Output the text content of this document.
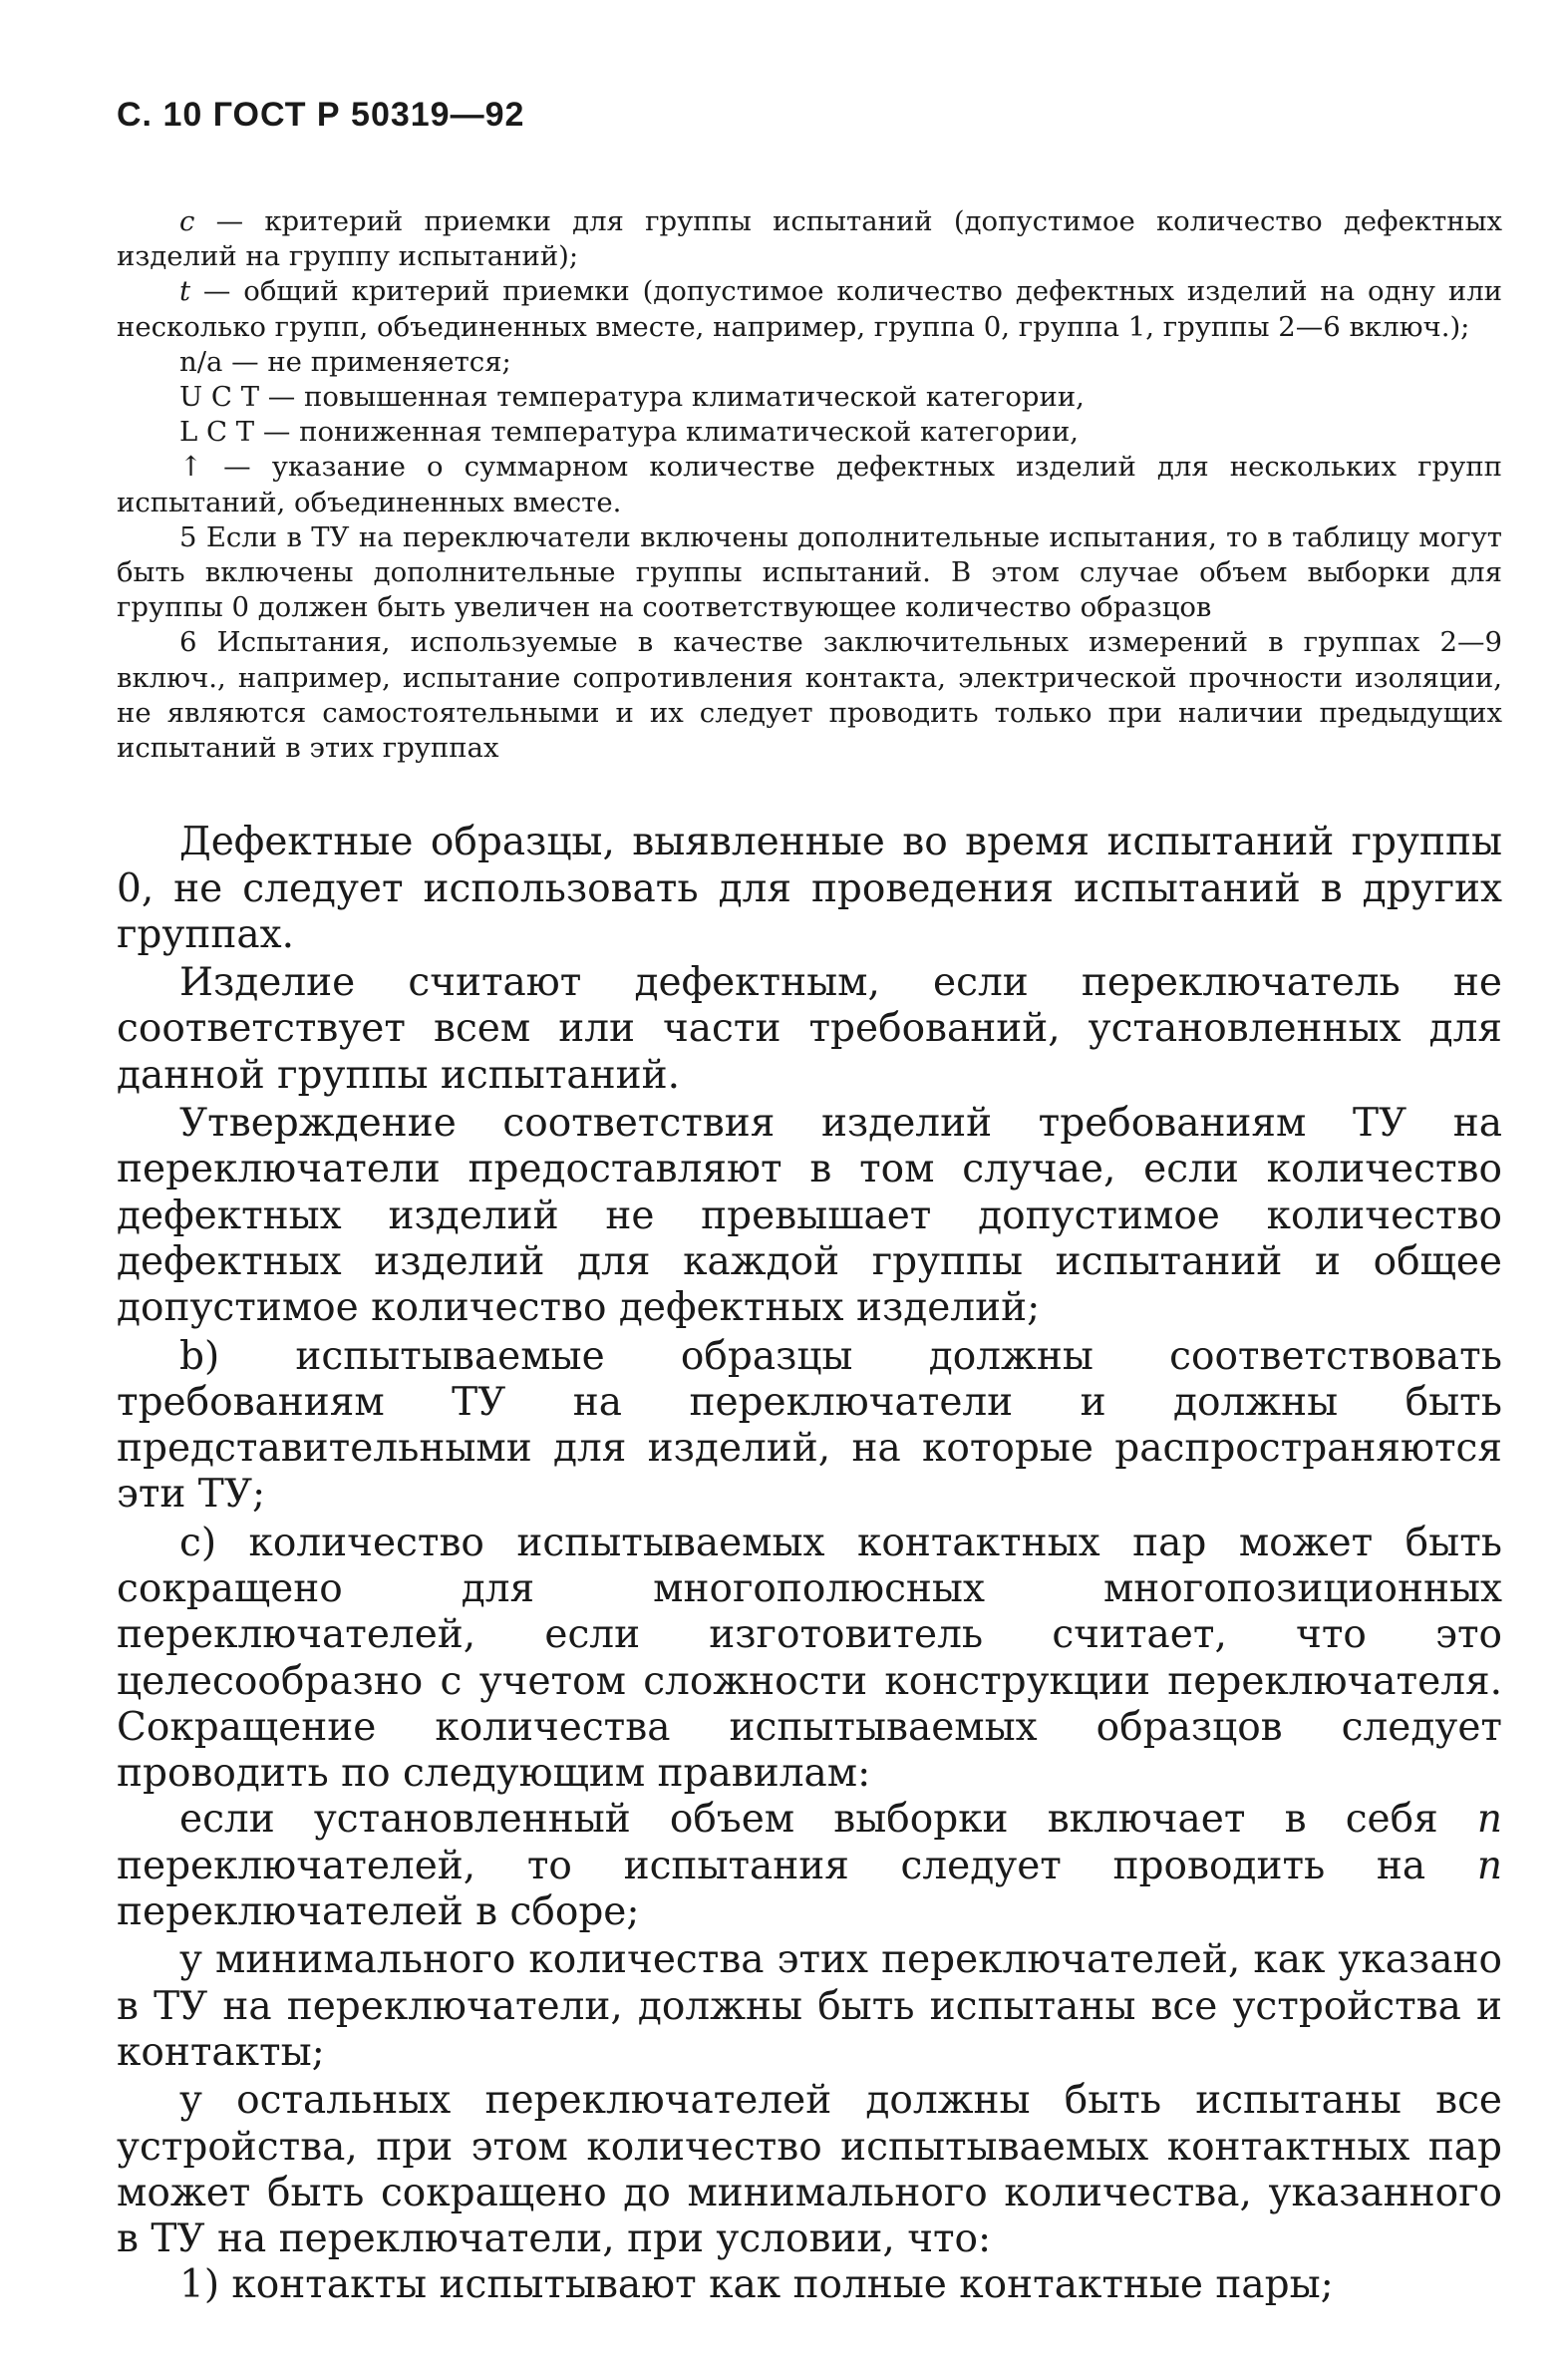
С. 10 ГОСТ Р 50319—92

c — критерий приемки для группы испытаний (допустимое количество дефектных изделий на группу испытаний);

t — общий критерий приемки (допустимое количество дефектных изделий на одну или несколько групп, объединенных вместе, например, группа 0, группа 1, группы 2—6 включ.);

n/a — не применяется;

U C T — повышенная температура климатической категории,

L C T — пониженная температура климатической категории,

↑ — указание о суммарном количестве дефектных изделий для нескольких групп испытаний, объединенных вместе.

5 Если в ТУ на переключатели включены дополнительные испытания, то в таблицу могут быть включены дополнительные группы испытаний. В этом случае объем выборки для группы 0 должен быть увеличен на соответствующее количество образцов

6 Испытания, используемые в качестве заключительных измерений в группах 2—9 включ., например, испытание сопротивления контакта, электрической прочности изоляции, не являются самостоятельными и их следует проводить только при наличии предыдущих испытаний в этих группах

Дефектные образцы, выявленные во время испытаний группы 0, не следует использовать для проведения испытаний в других группах.

Изделие считают дефектным, если переключатель не соответствует всем или части требований, установленных для данной группы испытаний.

Утверждение соответствия изделий требованиям ТУ на переключатели предоставляют в том случае, если количество дефектных изделий не превышает допустимое количество дефектных изделий для каждой группы испытаний и общее допустимое количество дефектных изделий;

b) испытываемые образцы должны соответствовать требованиям ТУ на переключатели и должны быть представительными для изделий, на которые распространяются эти ТУ;

c) количество испытываемых контактных пар может быть сокращено для многополюсных многопозиционных переключателей, если изготовитель считает, что это целесообразно с учетом сложности конструкции переключателя. Сокращение количества испытываемых образцов следует проводить по следующим правилам:

если установленный объем выборки включает в себя n переключателей, то испытания следует проводить на n переключателей в сборе;

у минимального количества этих переключателей, как указано в ТУ на переключатели, должны быть испытаны все устройства и контакты;

у остальных переключателей должны быть испытаны все устройства, при этом количество испытываемых контактных пар может быть сокращено до минимального количества, указанного в ТУ на переключатели, при условии, что:

1) контакты испытывают как полные контактные пары;
